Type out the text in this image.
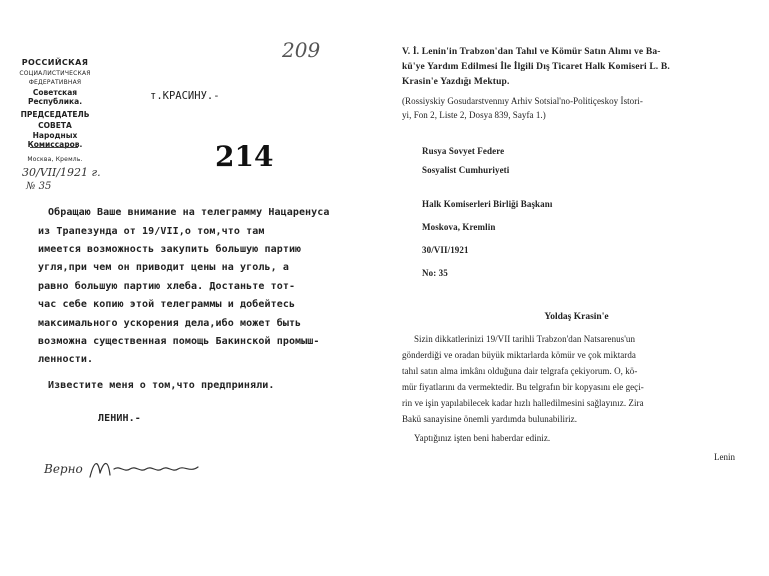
РОССИЙСКАЯ
СОЦИАЛИСТИЧЕСКАЯ
ФЕДЕРАТИВНАЯ
Советская Республика.
ПРЕДСЕДАТЕЛЬ
СОВЕТА
Народных Комиссаров.
Москва, Кремль.
30/VII/1921 г.
№ 35
209
214
т.КРАСИНУ.-
Обращаю Ваше внимание на телеграмму Нацаренуса
из Трапезунда от 19/VII,о том,что там
имеется возможность закупить большую партию
угля,при чем он приводит цены на уголь, а
равно большую партию хлеба. Достаньте тот-
час себе копию этой телеграммы и добейтесь
максимального ускорения дела,ибо может быть
возможна существенная помощь Бакинской промыш-
ленности.
Известите меня о том,что предприняли.
ЛЕНИН.-
Верно
V. İ. Lenin'in Trabzon'dan Tahıl ve Kömür Satın Alımı ve Ba-
kü'ye Yardım Edilmesi İle İlgili Dış Ticaret Halk Komiseri L. B.
Krasin'e Yazdığı Mektup.
(Rossiyskiy Gosudarstvennıy Arhiv Sotsial'no-Politiçeskoy İstori-
yi, Fon 2, Liste 2, Dosya 839, Sayfa 1.)
Rusya Sovyet Federe
Sosyalist Cumhuriyeti
Halk Komiserleri Birliği Başkanı
Moskova, Kremlin
30/VII/1921
No: 35
Yoldaş Krasin'e
Sizin dikkatlerinizi 19/VII tarihli Trabzon'dan Natsarenus'un
gönderdiği ve oradan büyük miktarlarda kömür ve çok miktarda
tahıl satın alma imkânı olduğuna dair telgrafa çekiyorum. O, kö-
mür fiyatlarını da vermektedir. Bu telgrafın bir kopyasını ele geçi-
rin ve işin yapılabilecek kadar hızlı halledilmesini sağlayınız. Zira
Bakü sanayisine önemli yardımda bulunabiliriz.
Yaptığınız işten beni haberdar ediniz.
Lenin
